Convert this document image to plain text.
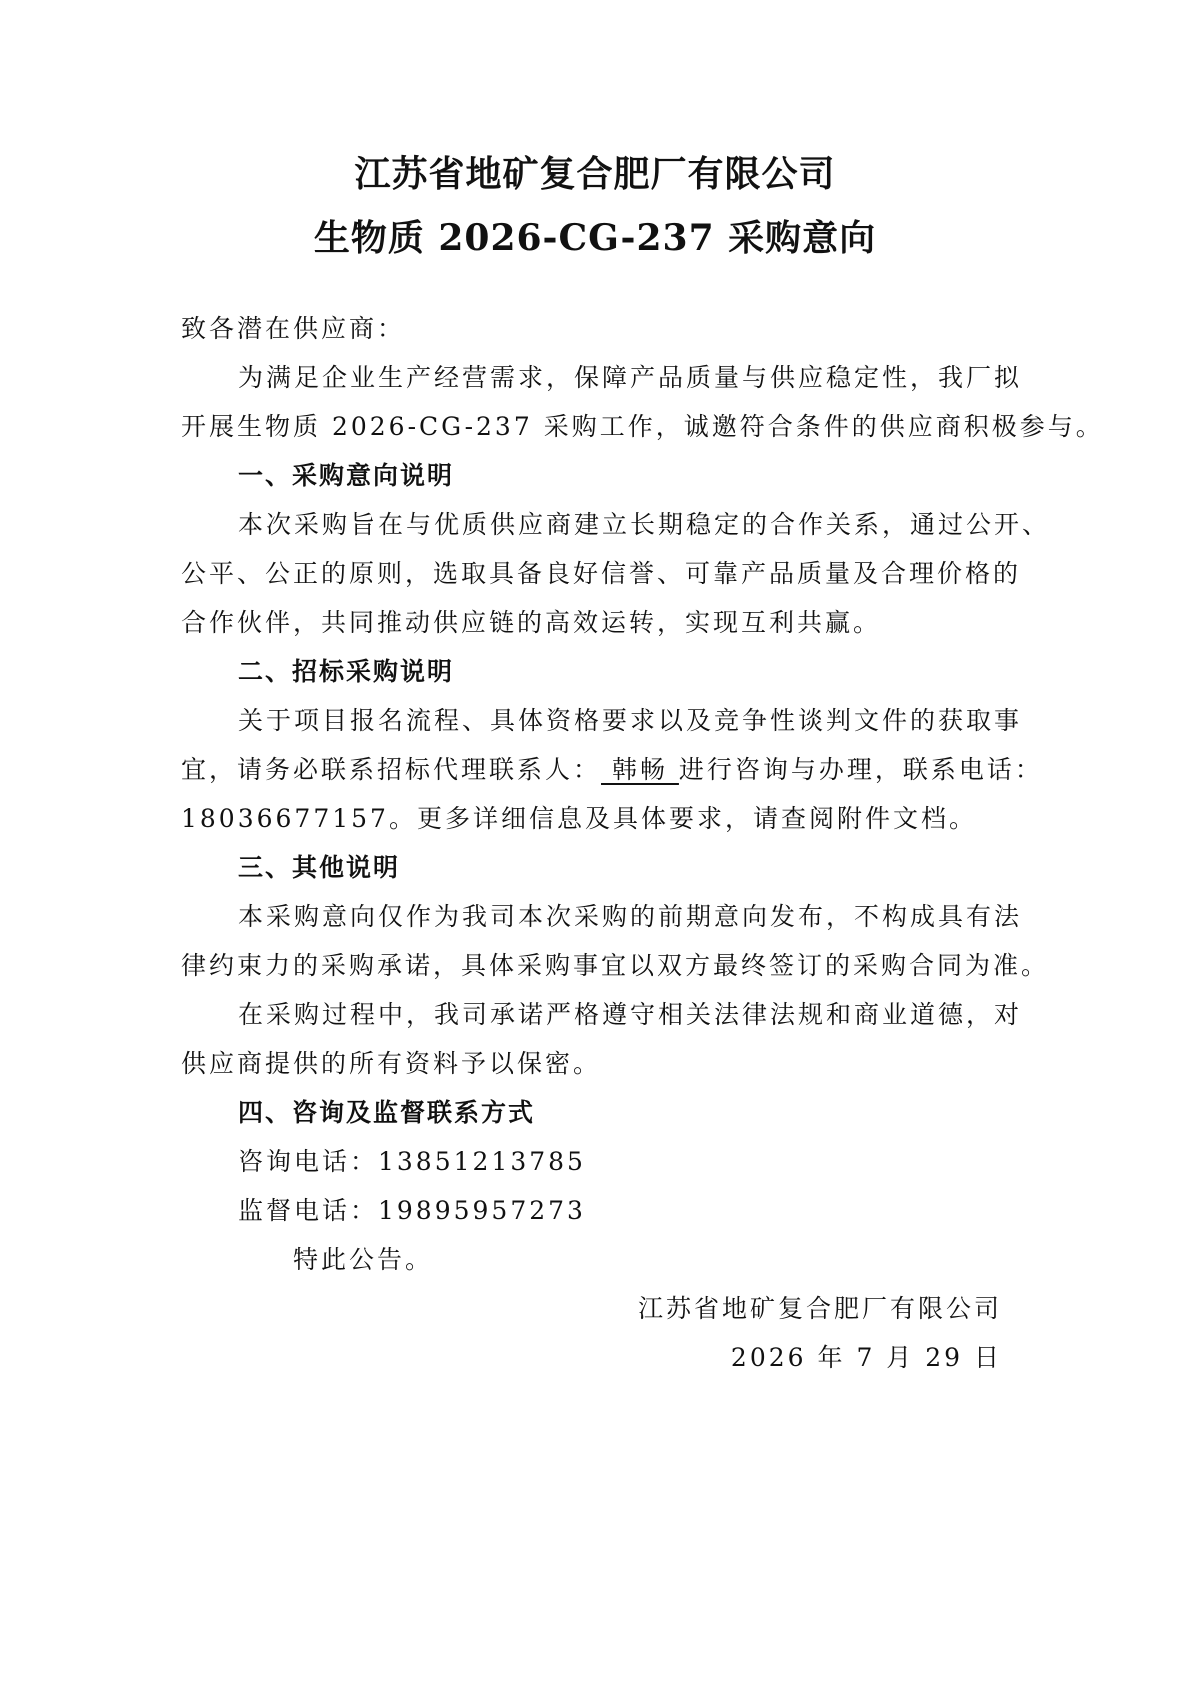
江苏省地矿复合肥厂有限公司
生物质 2026-CG-237 采购意向
致各潜在供应商：
为满足企业生产经营需求，保障产品质量与供应稳定性，我厂拟
开展生物质 2026-CG-237 采购工作，诚邀符合条件的供应商积极参与。
一、采购意向说明
本次采购旨在与优质供应商建立长期稳定的合作关系，通过公开、
公平、公正的原则，选取具备良好信誉、可靠产品质量及合理价格的
合作伙伴，共同推动供应链的高效运转，实现互利共赢。
二、招标采购说明
关于项目报名流程、具体资格要求以及竞争性谈判文件的获取事
宜，请务必联系招标代理联系人： 韩畅 进行咨询与办理，联系电话：
18036677157。更多详细信息及具体要求，请查阅附件文档。
三、其他说明
本采购意向仅作为我司本次采购的前期意向发布，不构成具有法
律约束力的采购承诺，具体采购事宜以双方最终签订的采购合同为准。
在采购过程中，我司承诺严格遵守相关法律法规和商业道德，对
供应商提供的所有资料予以保密。
四、咨询及监督联系方式
咨询电话：13851213785
监督电话：19895957273
特此公告。
江苏省地矿复合肥厂有限公司
2026 年 7 月 29 日
